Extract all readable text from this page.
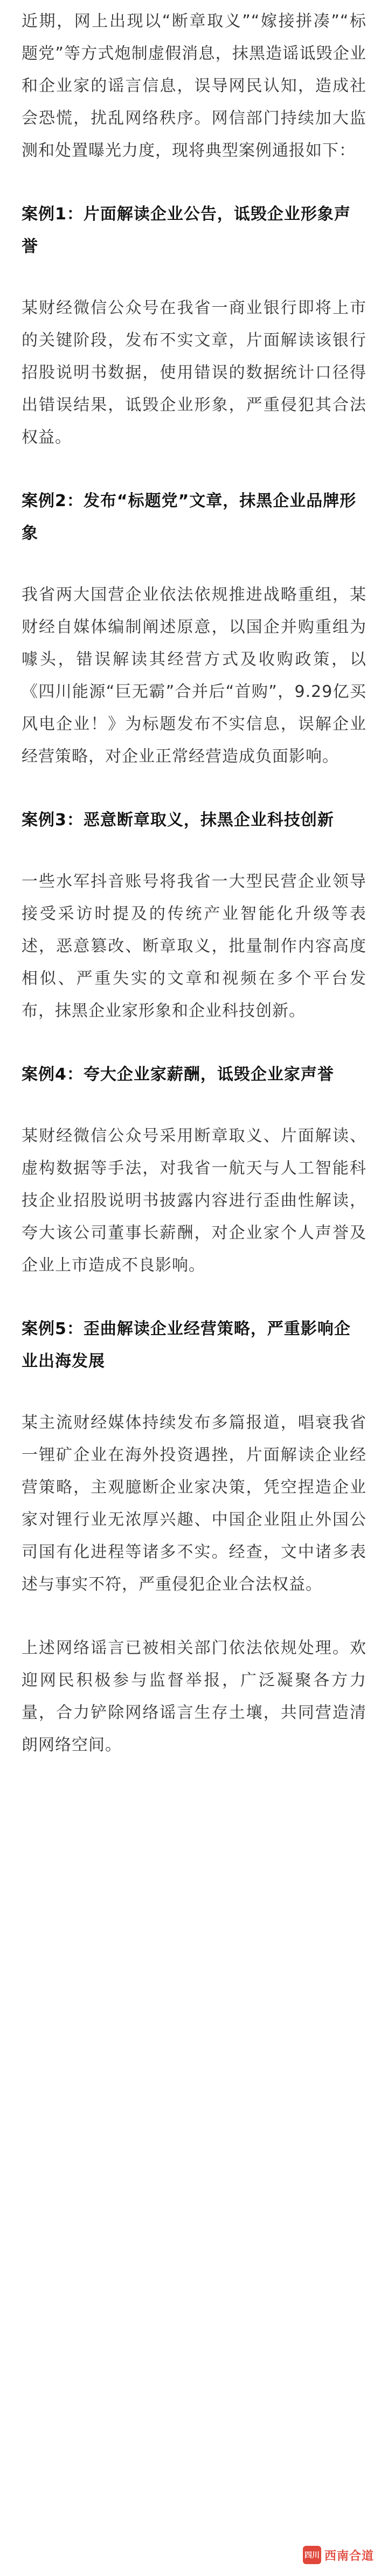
近期，网上出现以“断章取义”“嫁接拼凑”“标题党”等方式炮制虚假消息，抹黑造谣诋毁企业和企业家的谣言信息，误导网民认知，造成社会恐慌，扰乱网络秩序。网信部门持续加大监测和处置曝光力度，现将典型案例通报如下：

案例1：片面解读企业公告，诋毁企业形象声誉

某财经微信公众号在我省一商业银行即将上市的关键阶段，发布不实文章，片面解读该银行招股说明书数据，使用错误的数据统计口径得出错误结果，诋毁企业形象，严重侵犯其合法权益。

案例2：发布“标题党”文章，抹黑企业品牌形象

我省两大国营企业依法依规推进战略重组，某财经自媒体编制阐述原意，以国企并购重组为噱头，错误解读其经营方式及收购政策，以《四川能源“巨无霸”合并后“首购”，9.29亿买风电企业！》为标题发布不实信息，误解企业经营策略，对企业正常经营造成负面影响。

案例3：恶意断章取义，抹黑企业科技创新

一些水军抖音账号将我省一大型民营企业领导接受采访时提及的传统产业智能化升级等表述，恶意篡改、断章取义，批量制作内容高度相似、严重失实的文章和视频在多个平台发布，抹黑企业家形象和企业科技创新。

案例4：夸大企业家薪酬，诋毁企业家声誉

某财经微信公众号采用断章取义、片面解读、虚构数据等手法，对我省一航天与人工智能科技企业招股说明书披露内容进行歪曲性解读，夸大该公司董事长薪酬，对企业家个人声誉及企业上市造成不良影响。

案例5：歪曲解读企业经营策略，严重影响企业出海发展

某主流财经媒体持续发布多篇报道，唱衰我省一锂矿企业在海外投资遇挫，片面解读企业经营策略，主观臆断企业家决策，凭空捏造企业家对锂行业无浓厚兴趣、中国企业阻止外国公司国有化进程等诸多不实。经查，文中诸多表述与事实不符，严重侵犯企业合法权益。

上述网络谣言已被相关部门依法依规处理。欢迎网民积极参与监督举报，广泛凝聚各方力量，合力铲除网络谣言生存土壤，共同营造清朗网络空间。

四川 西南合道
